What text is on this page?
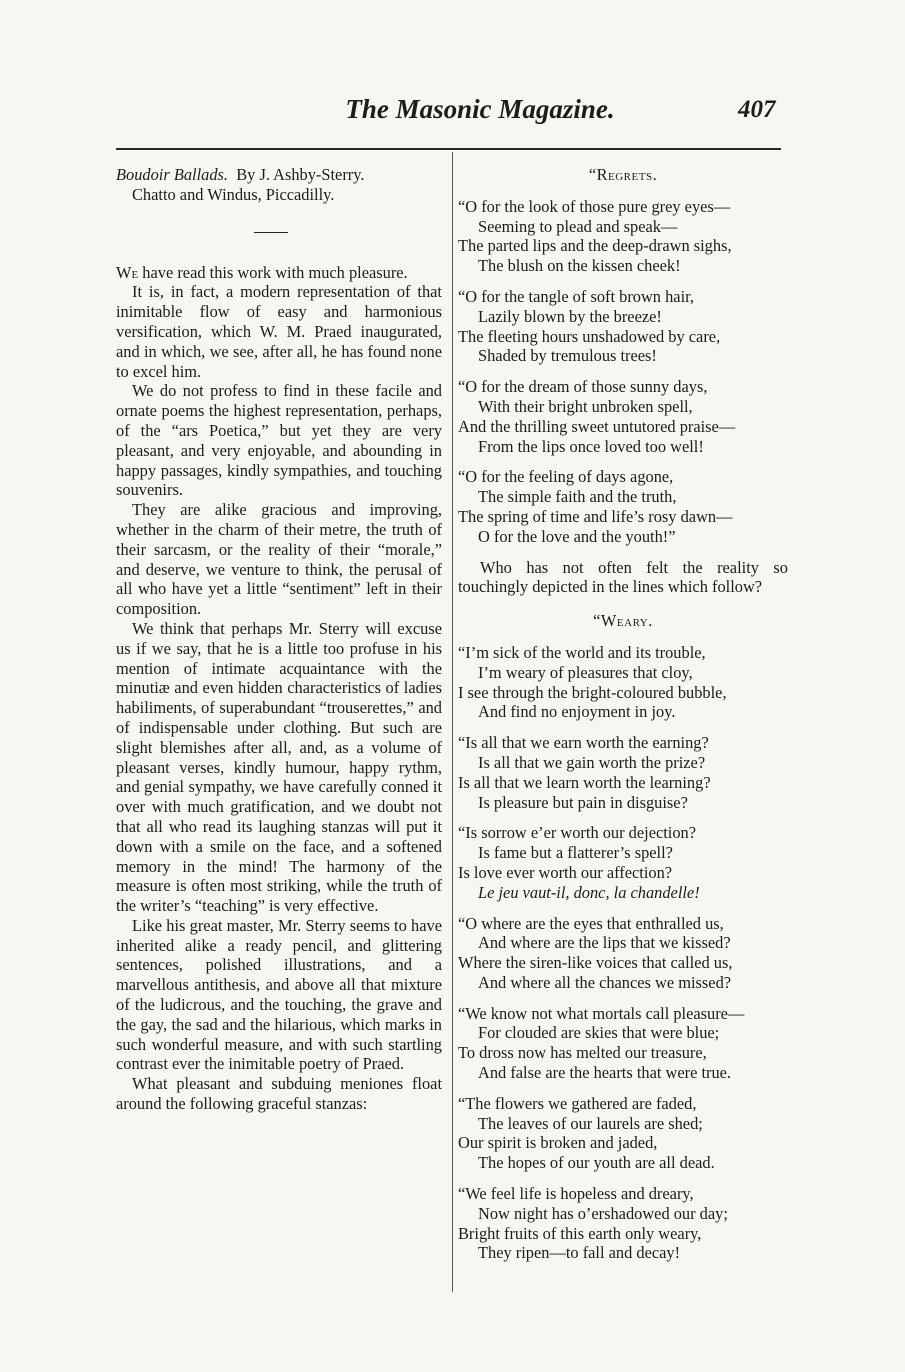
The Masonic Magazine.	407

Boudoir Ballads. By J. Ashby-Sterry.
Chatto and Windus, Piccadilly.

We have read this work with much pleasure.

It is, in fact, a modern representation of that inimitable flow of easy and harmonious versification, which W. M. Praed inaugurated, and in which, we see, after all, he has found none to excel him.

We do not profess to find in these facile and ornate poems the highest representation, perhaps, of the “ars Poetica,” but yet they are very pleasant, and very enjoyable, and abounding in happy passages, kindly sympathies, and touching souvenirs.

They are alike gracious and improving, whether in the charm of their metre, the truth of their sarcasm, or the reality of their “morale,” and deserve, we venture to think, the perusal of all who have yet a little “sentiment” left in their composition.

We think that perhaps Mr. Sterry will excuse us if we say, that he is a little too profuse in his mention of intimate acquaintance with the minutiæ and even hidden characteristics of ladies habiliments, of superabundant “trouserettes,” and of indispensable under clothing. But such are slight blemishes after all, and, as a volume of pleasant verses, kindly humour, happy rythm, and genial sympathy, we have carefully conned it over with much gratification, and we doubt not that all who read its laughing stanzas will put it down with a smile on the face, and a softened memory in the mind! The harmony of the measure is often most striking, while the truth of the writer’s “teaching” is very effective.

Like his great master, Mr. Sterry seems to have inherited alike a ready pencil, and glittering sentences, polished illustrations, and a marvellous antithesis, and above all that mixture of the ludicrous, and the touching, the grave and the gay, the sad and the hilarious, which marks in such wonderful measure, and with such startling contrast ever the inimitable poetry of Praed.

What pleasant and subduing meniones float around the following graceful stanzas:

“Regrets.
“O for the look of those pure grey eyes—
Seeming to plead and speak—
The parted lips and the deep-drawn sighs,
The blush on the kissen cheek!
“O for the tangle of soft brown hair,
Lazily blown by the breeze!
The fleeting hours unshadowed by care,
Shaded by tremulous trees!
“O for the dream of those sunny days,
With their bright unbroken spell,
And the thrilling sweet untutored praise—
From the lips once loved too well!
“O for the feeling of days agone,
The simple faith and the truth,
The spring of time and life’s rosy dawn—
O for the love and the youth!”

Who has not often felt the reality so touchingly depicted in the lines which follow?

“Weary.
“I’m sick of the world and its trouble,
I’m weary of pleasures that cloy,
I see through the bright-coloured bubble,
And find no enjoyment in joy.
“Is all that we earn worth the earning?
Is all that we gain worth the prize?
Is all that we learn worth the learning?
Is pleasure but pain in disguise?
“Is sorrow e’er worth our dejection?
Is fame but a flatterer’s spell?
Is love ever worth our affection?
Le jeu vaut-il, donc, la chandelle!
“O where are the eyes that enthralled us,
And where are the lips that we kissed?
Where the siren-like voices that called us,
And where all the chances we missed?
“We know not what mortals call pleasure—
For clouded are skies that were blue;
To dross now has melted our treasure,
And false are the hearts that were true.
“The flowers we gathered are faded,
The leaves of our laurels are shed;
Our spirit is broken and jaded,
The hopes of our youth are all dead.
“We feel life is hopeless and dreary,
Now night has o’ershadowed our day;
Bright fruits of this earth only weary,
They ripen—to fall and decay!
